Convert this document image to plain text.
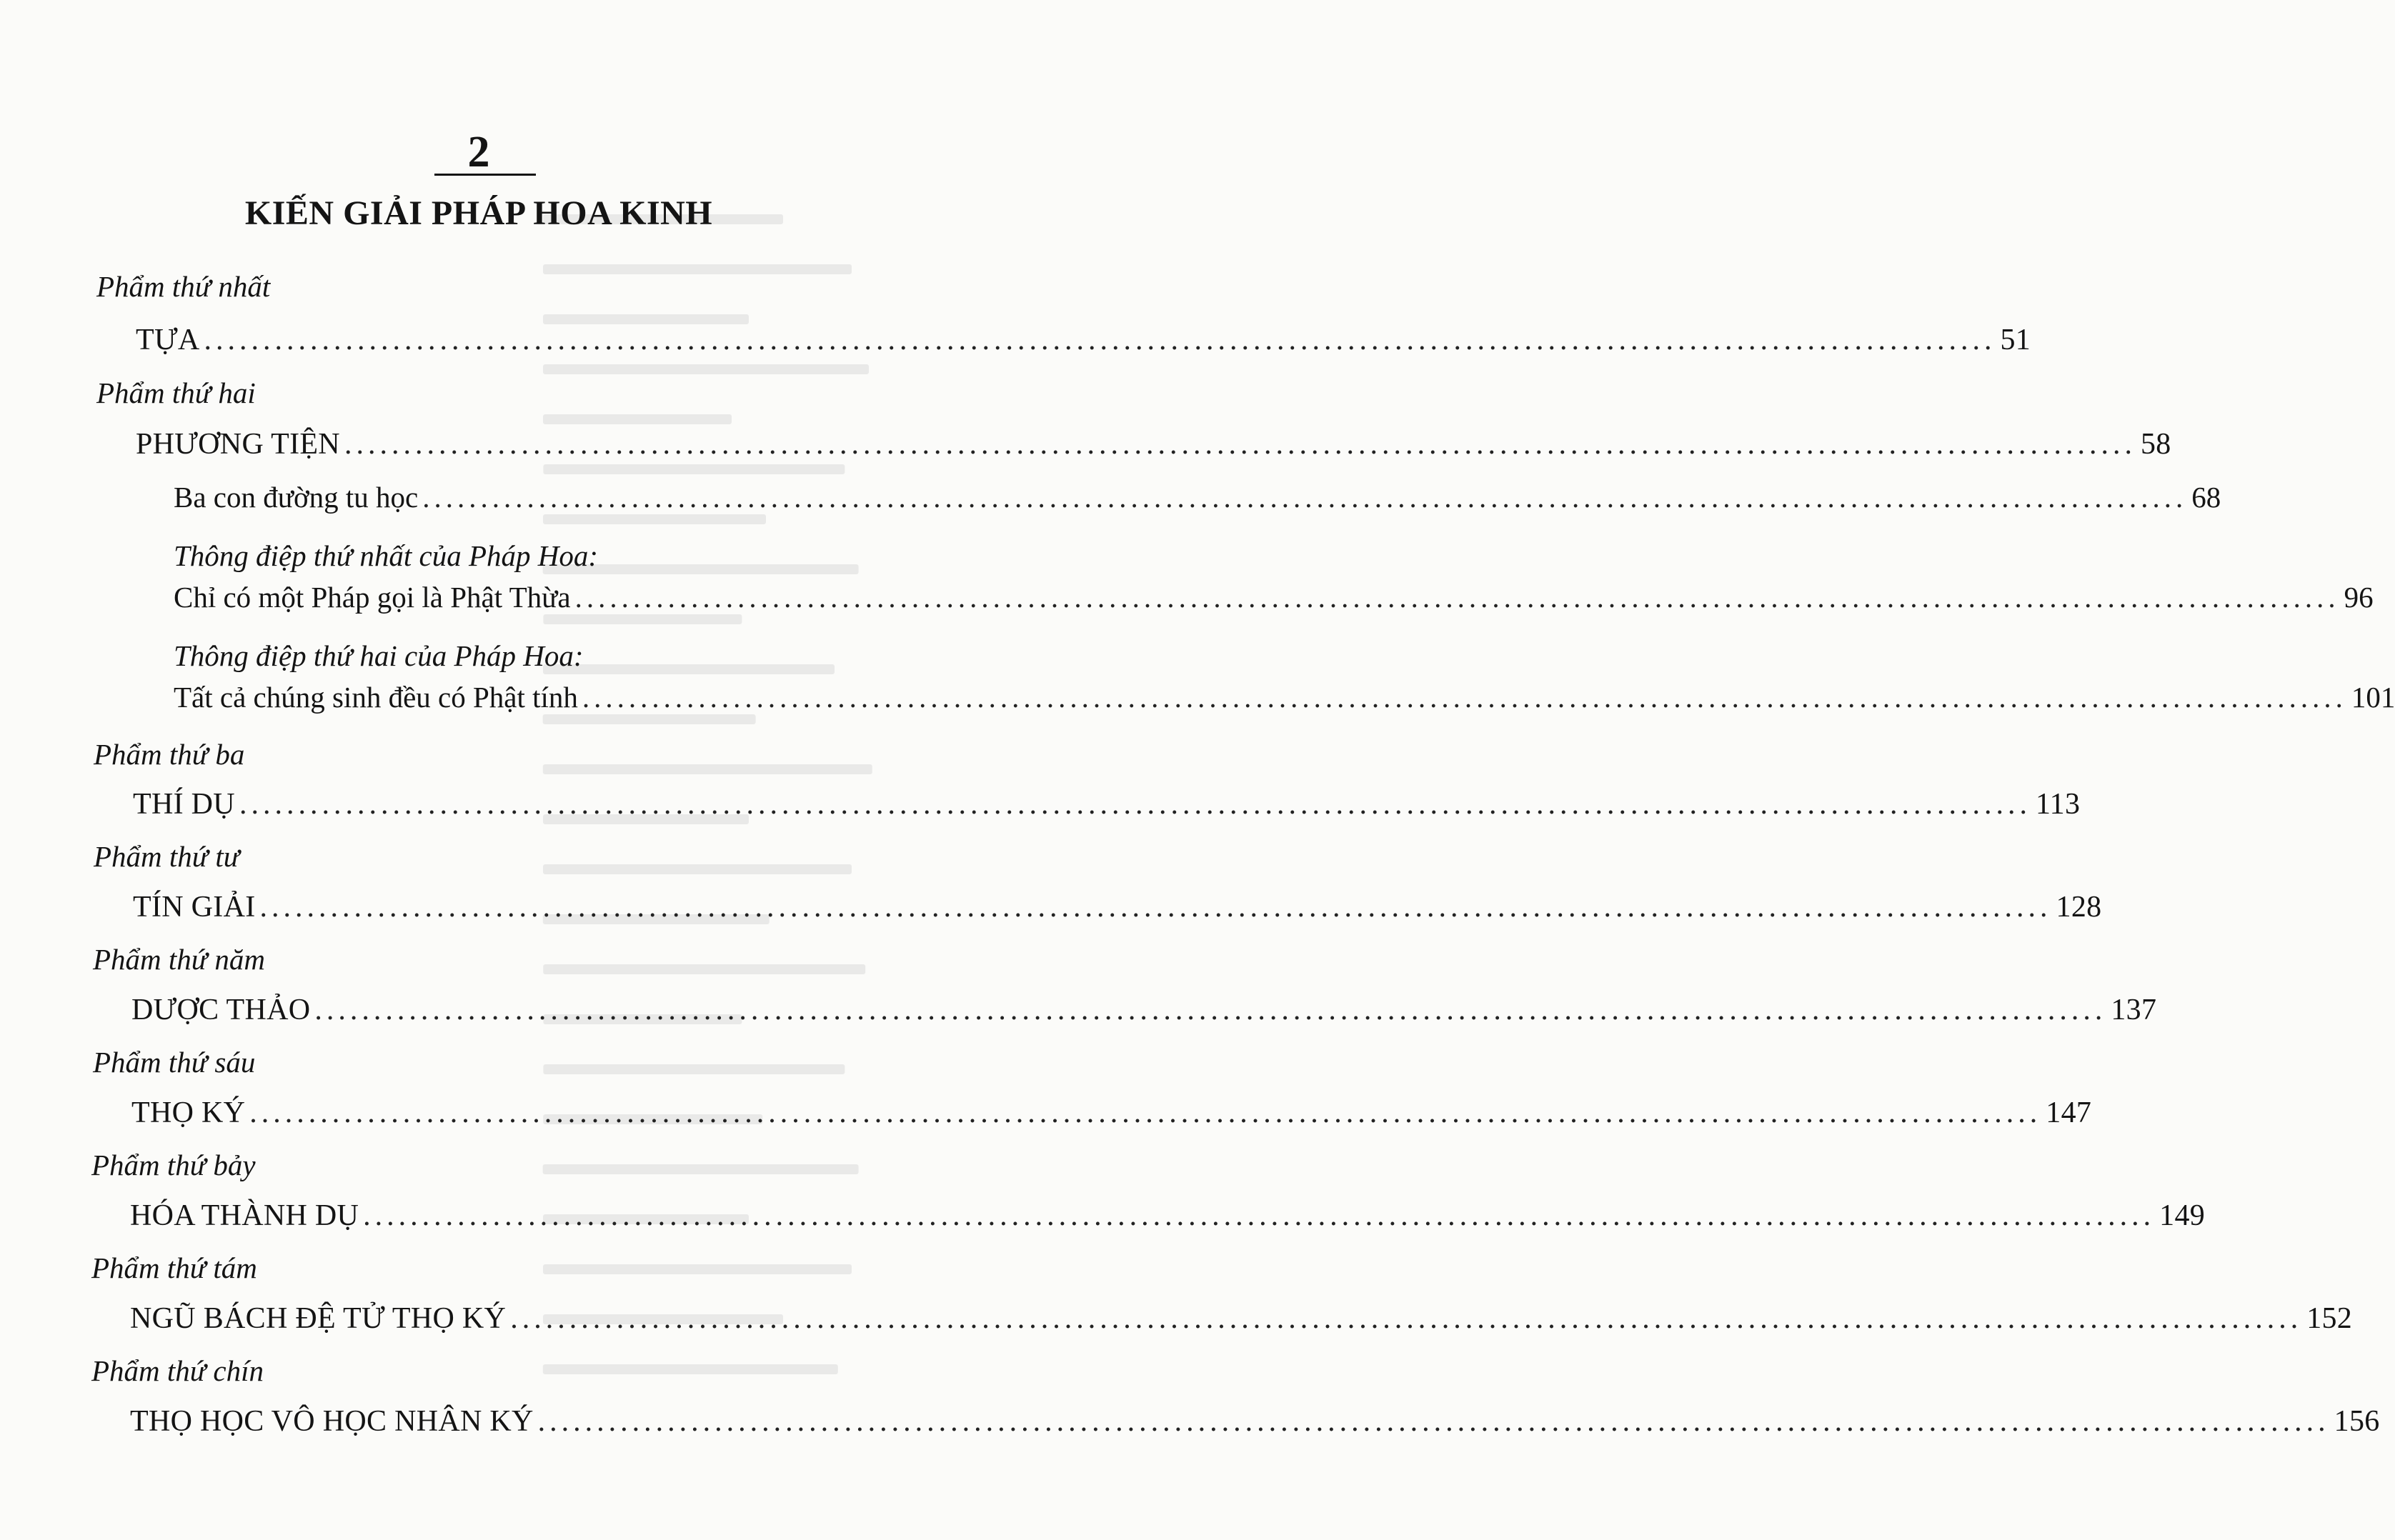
2
KIẾN GIẢI PHÁP HOA KINH
Phẩm thứ nhất
TỰA ........................................................................................................................................................ 51
Phẩm thứ hai
PHƯƠNG TIỆN ........................................................................................................................................................ 58
Ba con đường tu học ........................................................................................................................................................ 68
Thông điệp thứ nhất của Pháp Hoa:
Chỉ có một Pháp gọi là Phật Thừa ........................................................................................................................................................ 96
Thông điệp thứ hai của Pháp Hoa:
Tất cả chúng sinh đều có Phật tính ........................................................................................................................................................ 101
Phẩm thứ ba
THÍ DỤ ........................................................................................................................................................ 113
Phẩm thứ tư
TÍN GIẢI ........................................................................................................................................................ 128
Phẩm thứ năm
DƯỢC THẢO ........................................................................................................................................................ 137
Phẩm thứ sáu
THỌ KÝ ........................................................................................................................................................ 147
Phẩm thứ bảy
HÓA THÀNH DỤ ........................................................................................................................................................ 149
Phẩm thứ tám
NGŨ BÁCH ĐỆ TỬ THỌ KÝ ........................................................................................................................................................ 152
Phẩm thứ chín
THỌ HỌC VÔ HỌC NHÂN KÝ ........................................................................................................................................................ 156
